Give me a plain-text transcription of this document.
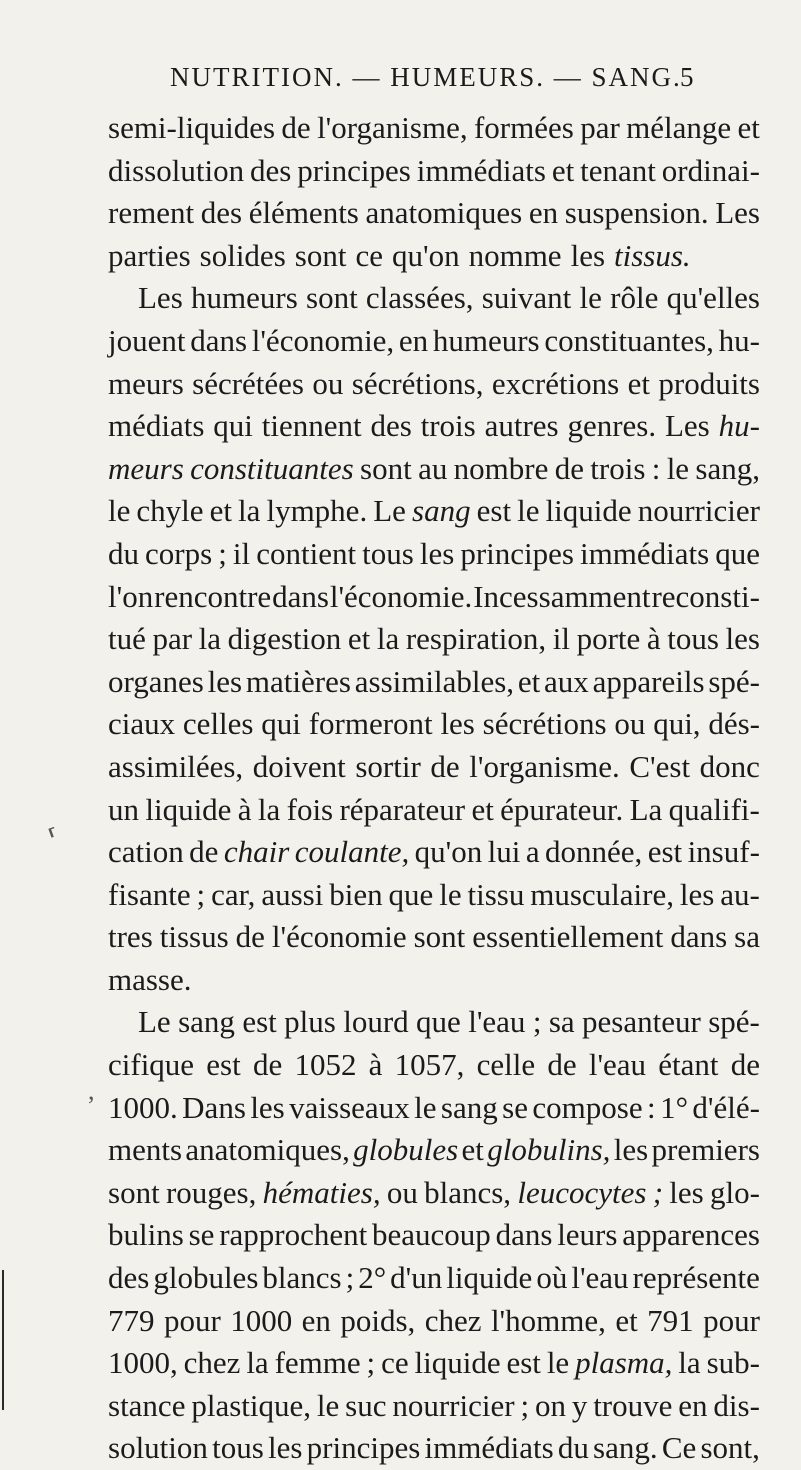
NUTRITION. — HUMEURS. — SANG.
5
semi-liquides de l'organisme, formées par mélange et
dissolution des principes immédiats et tenant ordinai-
rement des éléments anatomiques en suspension. Les
parties solides sont ce qu'on nomme les tissus.
Les humeurs sont classées, suivant le rôle qu'elles
jouent dans l'économie, en humeurs constituantes, hu-
meurs sécrétées ou sécrétions, excrétions et produits
médiats qui tiennent des trois autres genres. Les hu-
meurs constituantes sont au nombre de trois : le sang,
le chyle et la lymphe. Le sang est le liquide nourricier
du corps ; il contient tous les principes immédiats que
l'on rencontre dans l'économie. Incessamment reconsti-
tué par la digestion et la respiration, il porte à tous les
organes les matières assimilables, et aux appareils spé-
ciaux celles qui formeront les sécrétions ou qui, dés-
assimilées, doivent sortir de l'organisme. C'est donc
un liquide à la fois réparateur et épurateur. La qualifi-
cation de chair coulante, qu'on lui a donnée, est insuf-
fisante ; car, aussi bien que le tissu musculaire, les au-
tres tissus de l'économie sont essentiellement dans sa
masse.
Le sang est plus lourd que l'eau ; sa pesanteur spé-
cifique est de 1052 à 1057, celle de l'eau étant de
1000. Dans les vaisseaux le sang se compose : 1° d'élé-
ments anatomiques, globules et globulins, les premiers
sont rouges, hématies, ou blancs, leucocytes ; les glo-
bulins se rapprochent beaucoup dans leurs apparences
des globules blancs ; 2° d'un liquide où l'eau représente
779 pour 1000 en poids, chez l'homme, et 791 pour
1000, chez la femme ; ce liquide est le plasma, la sub-
stance plastique, le suc nourricier ; on y trouve en dis-
solution tous les principes immédiats du sang. Ce sont,
⸢
,
